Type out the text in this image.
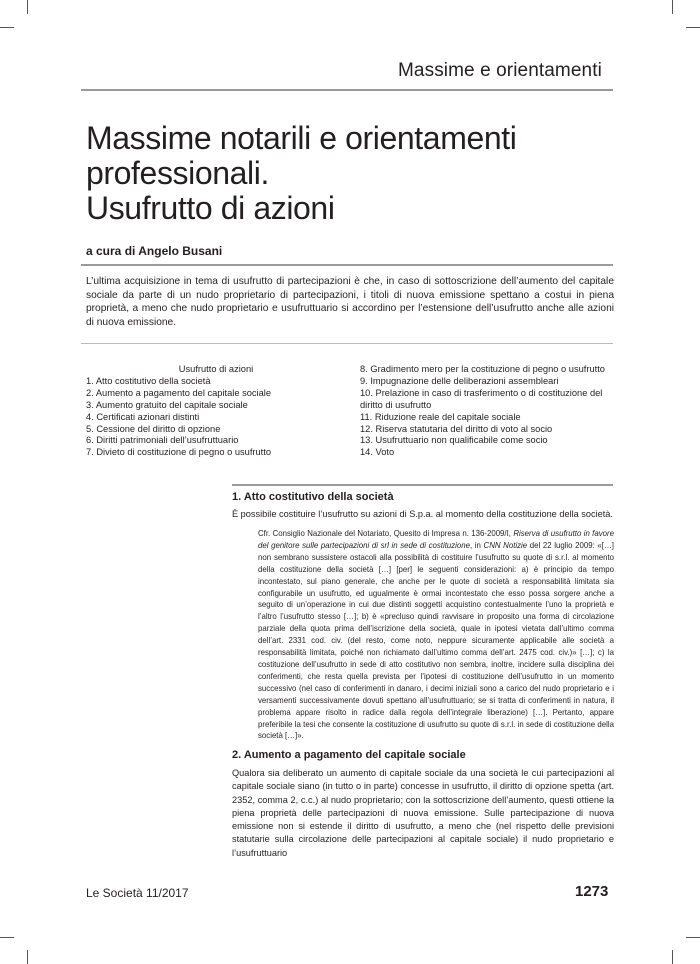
Massime e orientamenti
Massime notarili e orientamenti
professionali.
Usufrutto di azioni
a cura di Angelo Busani

L’ultima acquisizione in tema di usufrutto di partecipazioni è che, in caso di sottoscrizione dell’aumento del capitale sociale da parte di un nudo proprietario di partecipazioni, i titoli di nuova emissione spettano a costui in piena proprietà, a meno che nudo proprietario e usufruttuario si accordino per l’estensione dell’usufrutto anche alle azioni di nuova emissione.

Usufrutto di azioni
1. Atto costitutivo della società
2. Aumento a pagamento del capitale sociale
3. Aumento gratuito del capitale sociale
4. Certificati azionari distinti
5. Cessione del diritto di opzione
6. Diritti patrimoniali dell’usufruttuario
7. Divieto di costituzione di pegno o usufrutto
8. Gradimento mero per la costituzione di pegno o usufrutto
9. Impugnazione delle deliberazioni assembleari
10. Prelazione in caso di trasferimento o di costituzione del
diritto di usufrutto
11. Riduzione reale del capitale sociale
12. Riserva statutaria del diritto di voto al socio
13. Usufruttuario non qualificabile come socio
14. Voto
1. Atto costitutivo della società

È possibile costituire l’usufrutto su azioni di S.p.a. al momento della costituzione della società.

Cfr. Consiglio Nazionale del Notariato, Quesito di Impresa n. 136-2009/I, Riserva di usufrutto in favore del genitore sulle partecipazioni di srl in sede di costituzione, in CNN Notizie del 22 luglio 2009: «[…] non sembrano sussistere ostacoli alla possibilità di costituire l’usufrutto su quote di s.r.l. al momento della costituzione della società […] [per] le seguenti considerazioni: a) è principio da tempo incontestato, sul piano generale, che anche per le quote di società a responsabilità limitata sia configurabile un usufrutto, ed ugualmente è ormai incontestato che esso possa sorgere anche a seguito di un’operazione in cui due distinti soggetti acquistino contestualmente l’uno la proprietà e l’altro l’usufrutto stesso […]; b) è «precluso quindi ravvisare in proposito una forma di circolazione parziale della quota prima dell’iscrizione della società, quale in ipotesi vietata dall’ultimo comma dell’art. 2331 cod. civ. (del resto, come noto, neppure sicuramente applicabile alle società a responsabilità limitata, poiché non richiamato dall’ultimo comma dell’art. 2475 cod. civ.)» […]; c) la costituzione dell’usufrutto in sede di atto costitutivo non sembra, inoltre, incidere sulla disciplina dei conferimenti, che resta quella prevista per l’ipotesi di costituzione dell’usufrutto in un momento successivo (nel caso di conferimenti in danaro, i decimi iniziali sono a carico del nudo proprietario e i versamenti successivamente dovuti spettano all’usufruttuario; se si tratta di conferimenti in natura, il problema appare risolto in radice dalla regola dell’integrale liberazione) […]. Pertanto, appare preferibile la tesi che consente la costituzione di usufrutto su quote di s.r.l. in sede di costituzione della società […]».

2. Aumento a pagamento del capitale sociale

Qualora sia deliberato un aumento di capitale sociale da una società le cui partecipazioni al capitale sociale siano (in tutto o in parte) concesse in usufrutto, il diritto di opzione spetta (art. 2352, comma 2, c.c.) al nudo proprietario; con la sottoscrizione dell’aumento, questi ottiene la piena proprietà delle partecipazioni di nuova emissione. Sulle partecipazione di nuova emissione non si estende il diritto di usufrutto, a meno che (nel rispetto delle previsioni statutarie sulla circolazione delle partecipazioni al capitale sociale) il nudo proprietario e l’usufruttuario

Le Società 11/2017	1273
